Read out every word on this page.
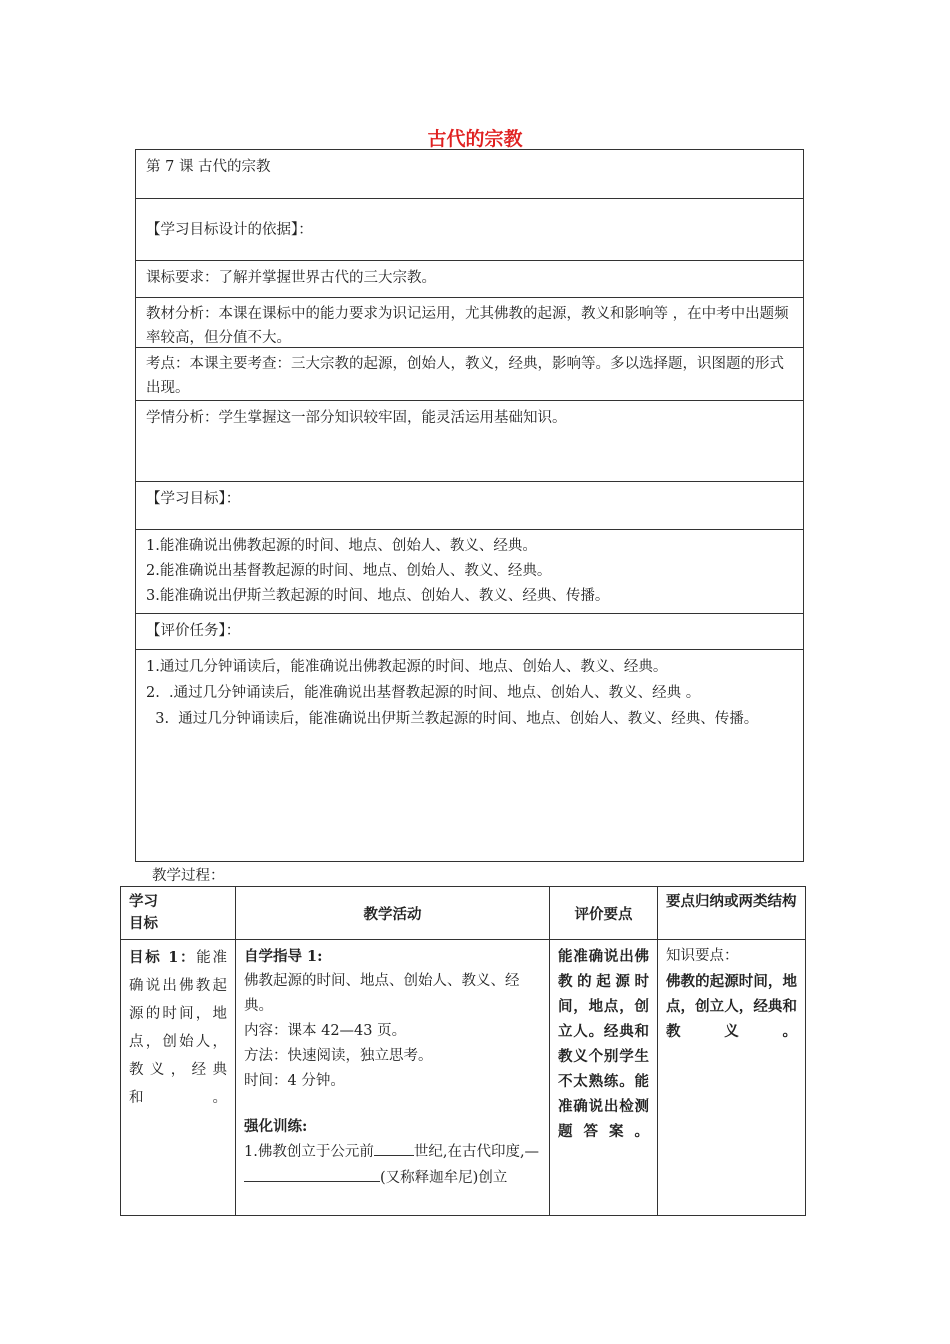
古代的宗教
第 7 课 古代的宗教
【学习目标设计的依据】：
课标要求：了解并掌握世界古代的三大宗教。
教材分析：本课在课标中的能力要求为识记运用，尤其佛教的起源，教义和影响等 ，在中考中出题频率较高，但分值不大。
考点：本课主要考查：三大宗教的起源，创始人，教义，经典，影响等。多以选择题，识图题的形式出现。
学情分析：学生掌握这一部分知识较牢固，能灵活运用基础知识。
【学习目标】：

1.能准确说出佛教起源的时间、地点、创始人、教义、经典。

2.能准确说出基督教起源的时间、地点、创始人、教义、经典。

3.能准确说出伊斯兰教起源的时间、地点、创始人、教义、经典、传播。

【评价任务】：

1.通过几分钟诵读后，能准确说出佛教起源的时间、地点、创始人、教义、经典。

2.  .通过几分钟诵读后，能准确说出基督教起源的时间、地点、创始人、教义、经典 。

3.  通过几分钟诵读后，能准确说出伊斯兰教起源的时间、地点、创始人、教义、经典、传播。

教学过程：
学习
目标
目标 1：能准确说出佛教起源的时间，地点，创始人，教义，经典和。
教学活动

自学指导 1:

佛教起源的时间、地点、创始人、教义、经典。

内容：课本 42—43 页。

方法：快速阅读，独立思考。

时间：4 分钟。

强化训练:

1.佛教创立于公元前	世纪,在古代印度,—

(又称释迦牟尼)创立

评价要点
能准确说出佛教的起源时间，地点，创立人。经典和教义个别学生不太熟练。能准确说出检测题答案。
要点归纳或两类结构

知识要点：

佛教的起源时间，地点，创立人，经典和教义。
